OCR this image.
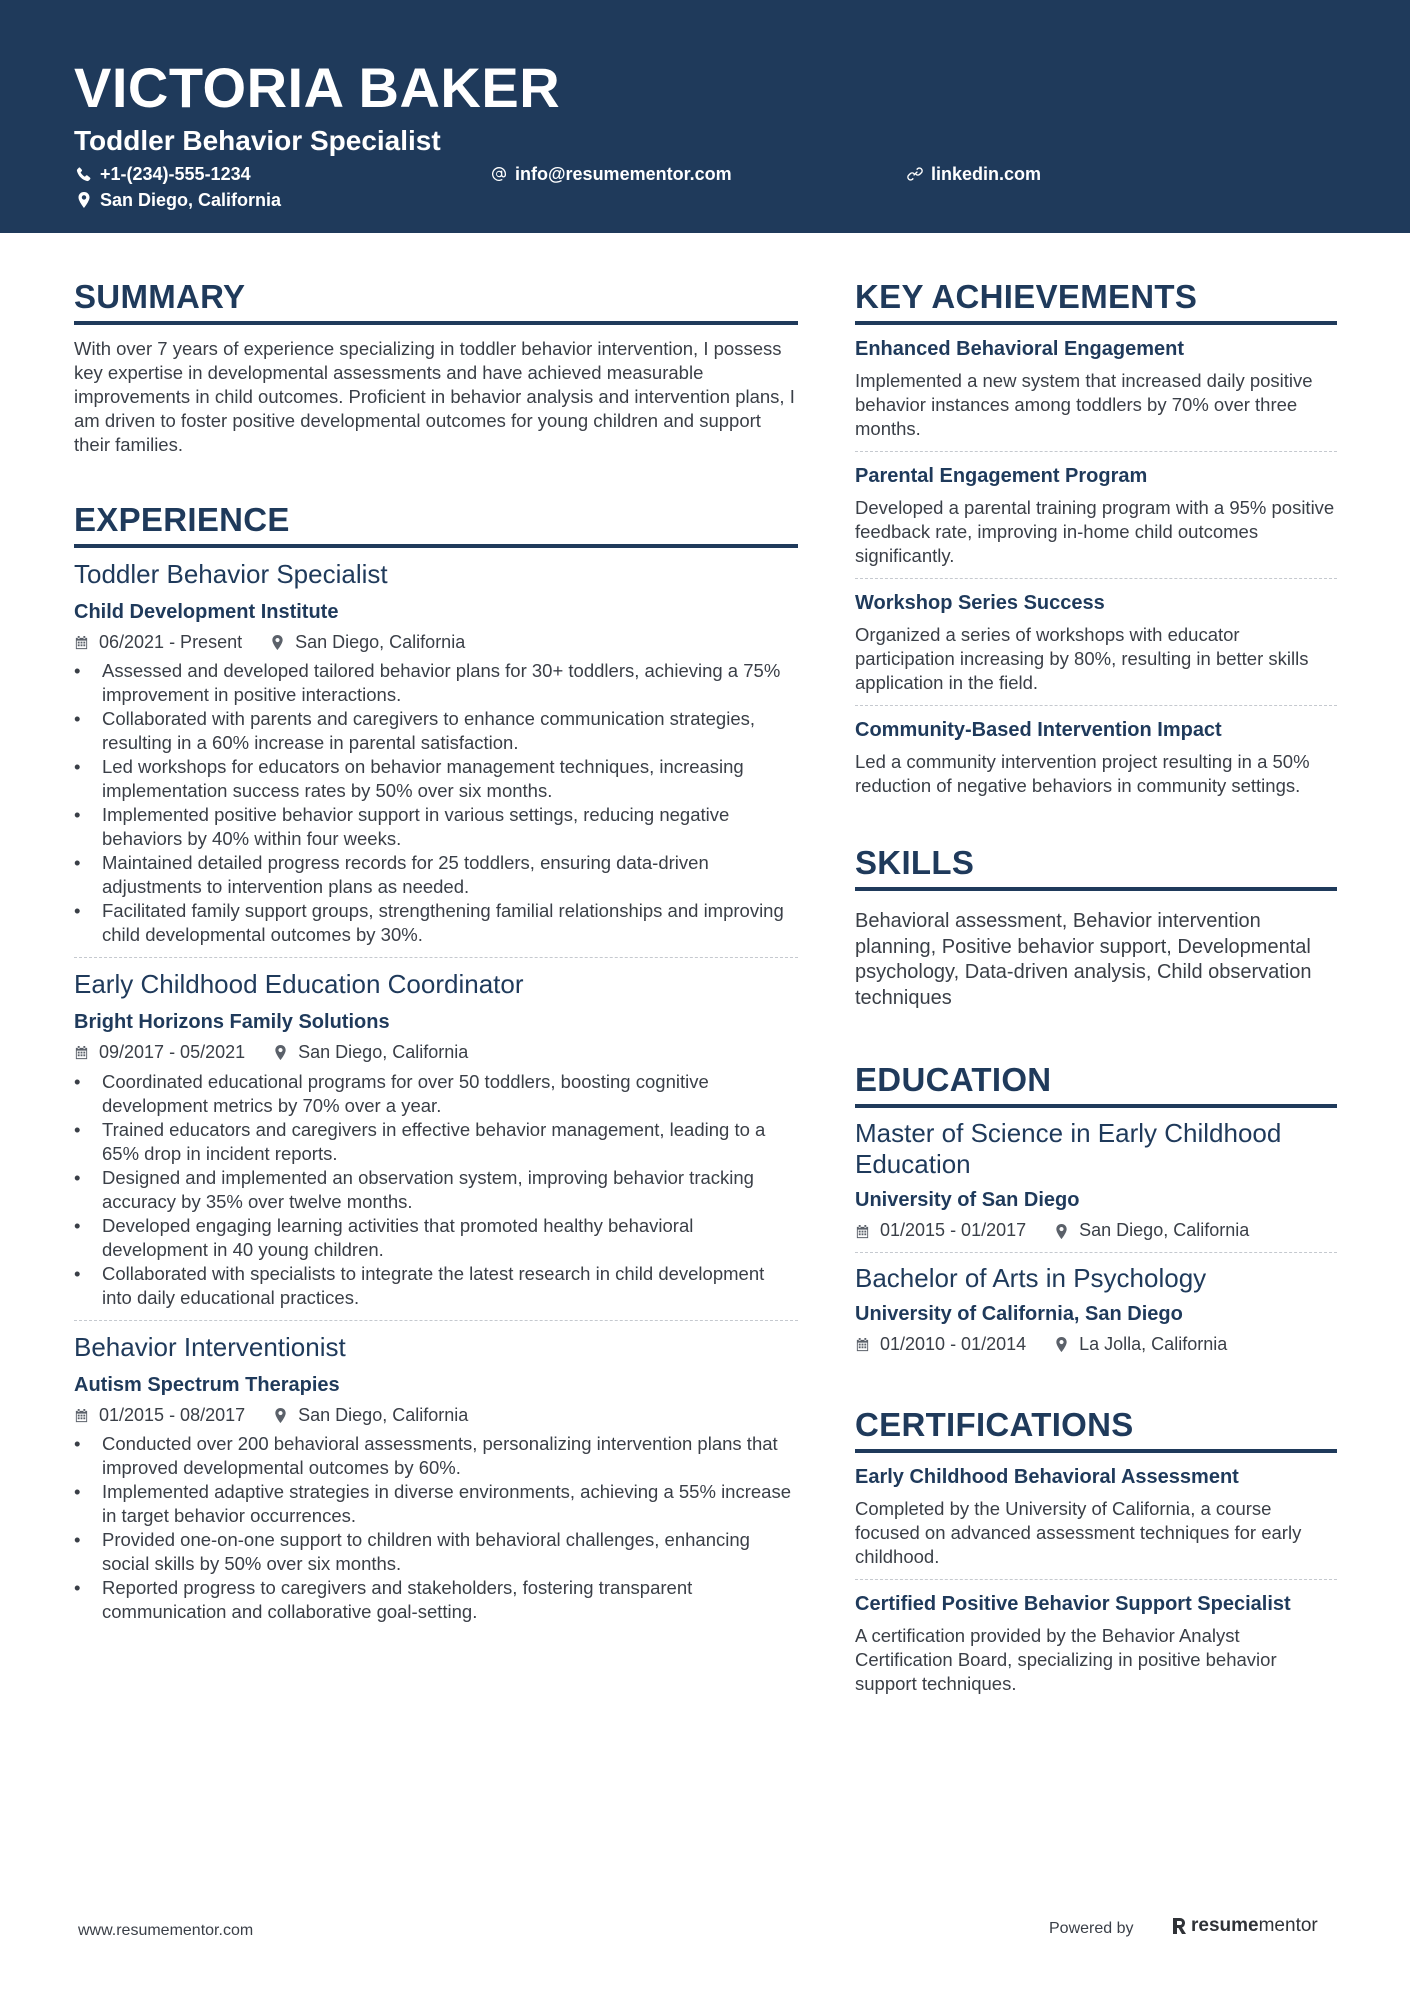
VICTORIA BAKER
Toddler Behavior Specialist
+1-(234)-555-1234	info@resumementor.com	linkedin.com
San Diego, California
SUMMARY

With over 7 years of experience specializing in toddler behavior intervention, I possess key expertise in developmental assessments and have achieved measurable improvements in child outcomes. Proficient in behavior analysis and intervention plans, I am driven to foster positive developmental outcomes for young children and support their families.

EXPERIENCE
Toddler Behavior Specialist
Child Development Institute
06/2021 - Present	San Diego, California
• Assessed and developed tailored behavior plans for 30+ toddlers, achieving a 75% improvement in positive interactions.
• Collaborated with parents and caregivers to enhance communication strategies, resulting in a 60% increase in parental satisfaction.
• Led workshops for educators on behavior management techniques, increasing implementation success rates by 50% over six months.
• Implemented positive behavior support in various settings, reducing negative behaviors by 40% within four weeks.
• Maintained detailed progress records for 25 toddlers, ensuring data-driven adjustments to intervention plans as needed.
• Facilitated family support groups, strengthening familial relationships and improving child developmental outcomes by 30%.
Early Childhood Education Coordinator
Bright Horizons Family Solutions
09/2017 - 05/2021	San Diego, California
• Coordinated educational programs for over 50 toddlers, boosting cognitive development metrics by 70% over a year.
• Trained educators and caregivers in effective behavior management, leading to a 65% drop in incident reports.
• Designed and implemented an observation system, improving behavior tracking accuracy by 35% over twelve months.
• Developed engaging learning activities that promoted healthy behavioral development in 40 young children.
• Collaborated with specialists to integrate the latest research in child development into daily educational practices.
Behavior Interventionist
Autism Spectrum Therapies
01/2015 - 08/2017	San Diego, California
• Conducted over 200 behavioral assessments, personalizing intervention plans that improved developmental outcomes by 60%.
• Implemented adaptive strategies in diverse environments, achieving a 55% increase in target behavior occurrences.
• Provided one-on-one support to children with behavioral challenges, enhancing social skills by 50% over six months.
• Reported progress to caregivers and stakeholders, fostering transparent communication and collaborative goal-setting.
KEY ACHIEVEMENTS
Enhanced Behavioral Engagement

Implemented a new system that increased daily positive behavior instances among toddlers by 70% over three months.

Parental Engagement Program

Developed a parental training program with a 95% positive feedback rate, improving in-home child outcomes significantly.

Workshop Series Success

Organized a series of workshops with educator participation increasing by 80%, resulting in better skills application in the field.

Community-Based Intervention Impact

Led a community intervention project resulting in a 50% reduction of negative behaviors in community settings.

SKILLS

Behavioral assessment, Behavior intervention planning, Positive behavior support, Developmental psychology, Data-driven analysis, Child observation techniques

EDUCATION
Master of Science in Early Childhood Education
University of San Diego
01/2015 - 01/2017	San Diego, California
Bachelor of Arts in Psychology
University of California, San Diego
01/2010 - 01/2014	La Jolla, California
CERTIFICATIONS
Early Childhood Behavioral Assessment

Completed by the University of California, a course focused on advanced assessment techniques for early childhood.

Certified Positive Behavior Support Specialist

A certification provided by the Behavior Analyst Certification Board, specializing in positive behavior support techniques.

www.resumementor.com	Powered by	resumementor
